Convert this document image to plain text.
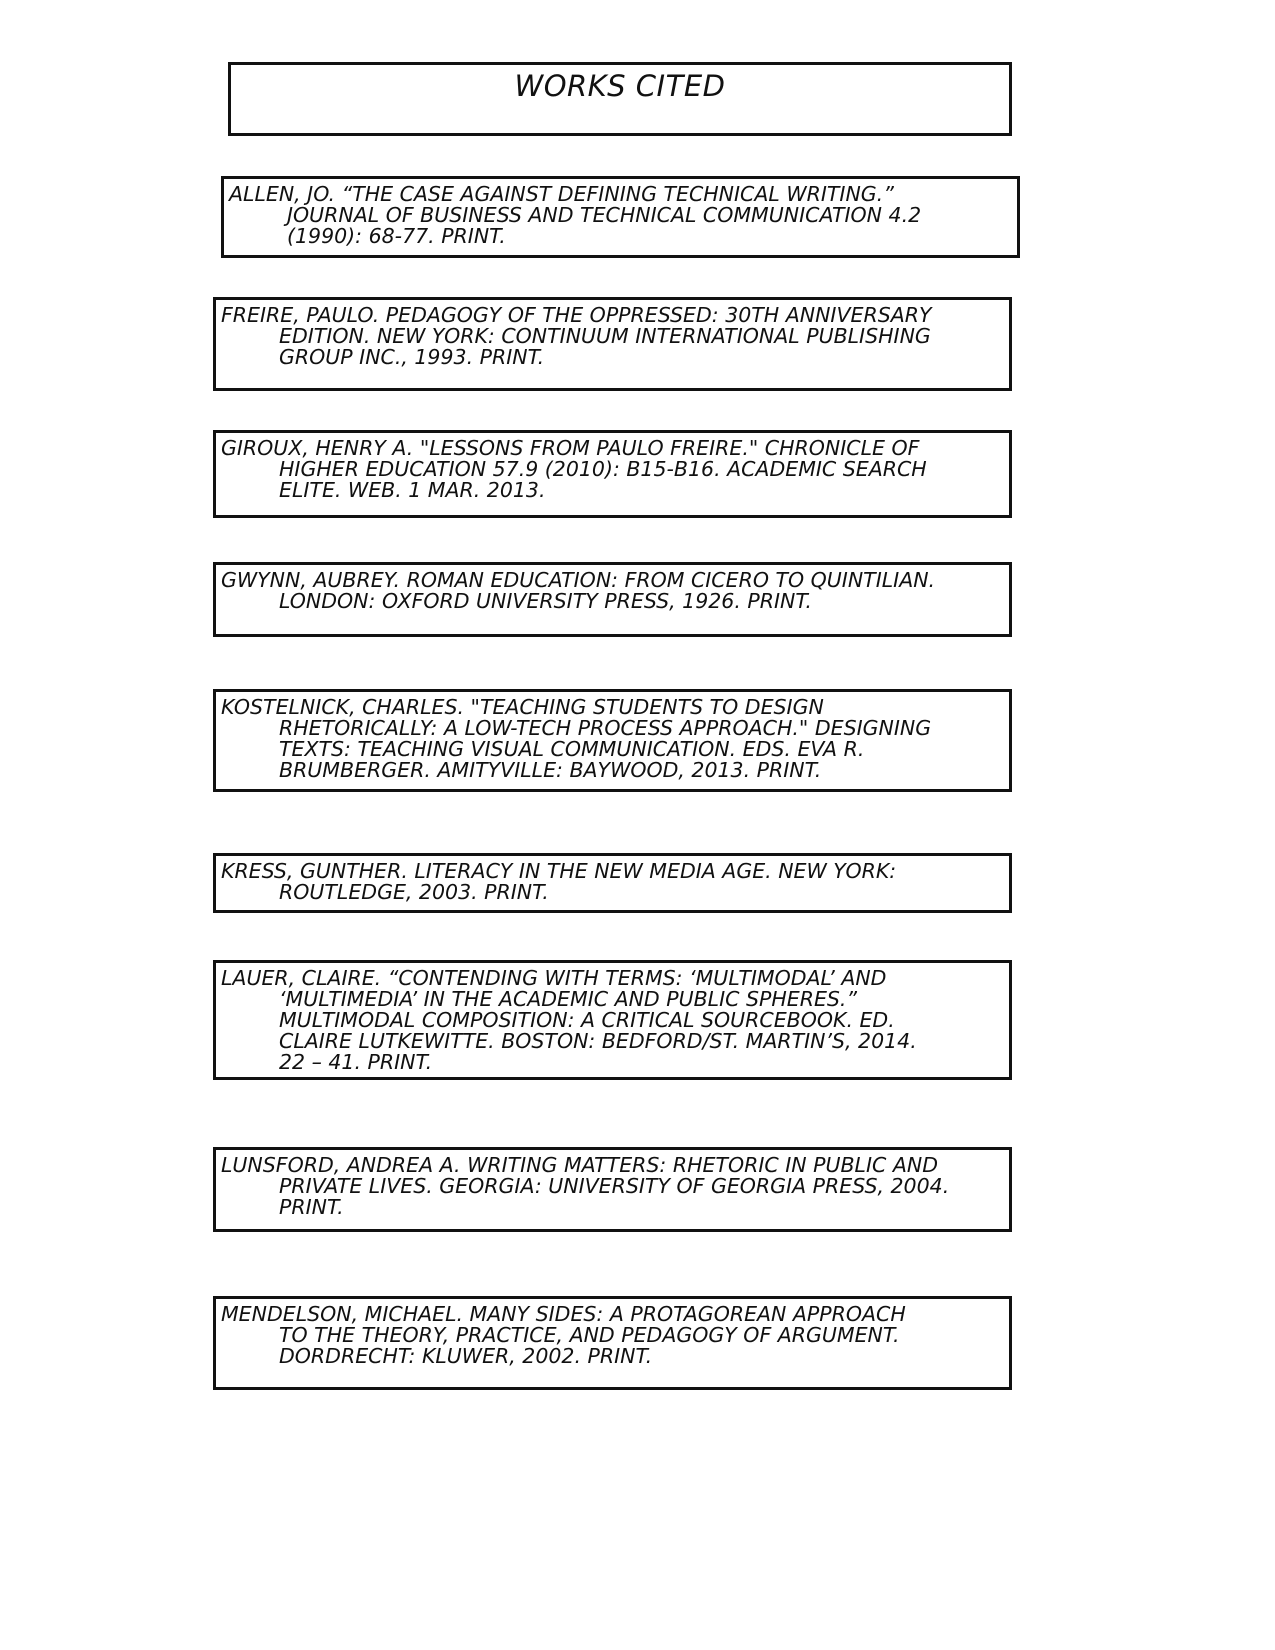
WORKS CITED
ALLEN, JO. “THE CASE AGAINST DEFINING TECHNICAL WRITING.”
JOURNAL OF BUSINESS AND TECHNICAL COMMUNICATION 4.2
(1990): 68-77. PRINT.
FREIRE, PAULO. PEDAGOGY OF THE OPPRESSED: 30TH ANNIVERSARY
EDITION. NEW YORK: CONTINUUM INTERNATIONAL PUBLISHING
GROUP INC., 1993. PRINT.
GIROUX, HENRY A. "LESSONS FROM PAULO FREIRE." CHRONICLE OF
HIGHER EDUCATION 57.9 (2010): B15-B16. ACADEMIC SEARCH
ELITE. WEB. 1 MAR. 2013.
GWYNN, AUBREY. ROMAN EDUCATION: FROM CICERO TO QUINTILIAN.
LONDON: OXFORD UNIVERSITY PRESS, 1926. PRINT.
KOSTELNICK, CHARLES. "TEACHING STUDENTS TO DESIGN
RHETORICALLY: A LOW-TECH PROCESS APPROACH." DESIGNING
TEXTS: TEACHING VISUAL COMMUNICATION. EDS. EVA R.
BRUMBERGER. AMITYVILLE: BAYWOOD, 2013. PRINT.
KRESS, GUNTHER. LITERACY IN THE NEW MEDIA AGE. NEW YORK:
ROUTLEDGE, 2003. PRINT.
LAUER, CLAIRE. “CONTENDING WITH TERMS: ‘MULTIMODAL’ AND
‘MULTIMEDIA’ IN THE ACADEMIC AND PUBLIC SPHERES.”
MULTIMODAL COMPOSITION: A CRITICAL SOURCEBOOK. ED.
CLAIRE LUTKEWITTE. BOSTON: BEDFORD/ST. MARTIN’S, 2014.
22 – 41. PRINT.
LUNSFORD, ANDREA A. WRITING MATTERS: RHETORIC IN PUBLIC AND
PRIVATE LIVES. GEORGIA: UNIVERSITY OF GEORGIA PRESS, 2004.
PRINT.
MENDELSON, MICHAEL. MANY SIDES: A PROTAGOREAN APPROACH
TO THE THEORY, PRACTICE, AND PEDAGOGY OF ARGUMENT.
DORDRECHT: KLUWER, 2002. PRINT.
